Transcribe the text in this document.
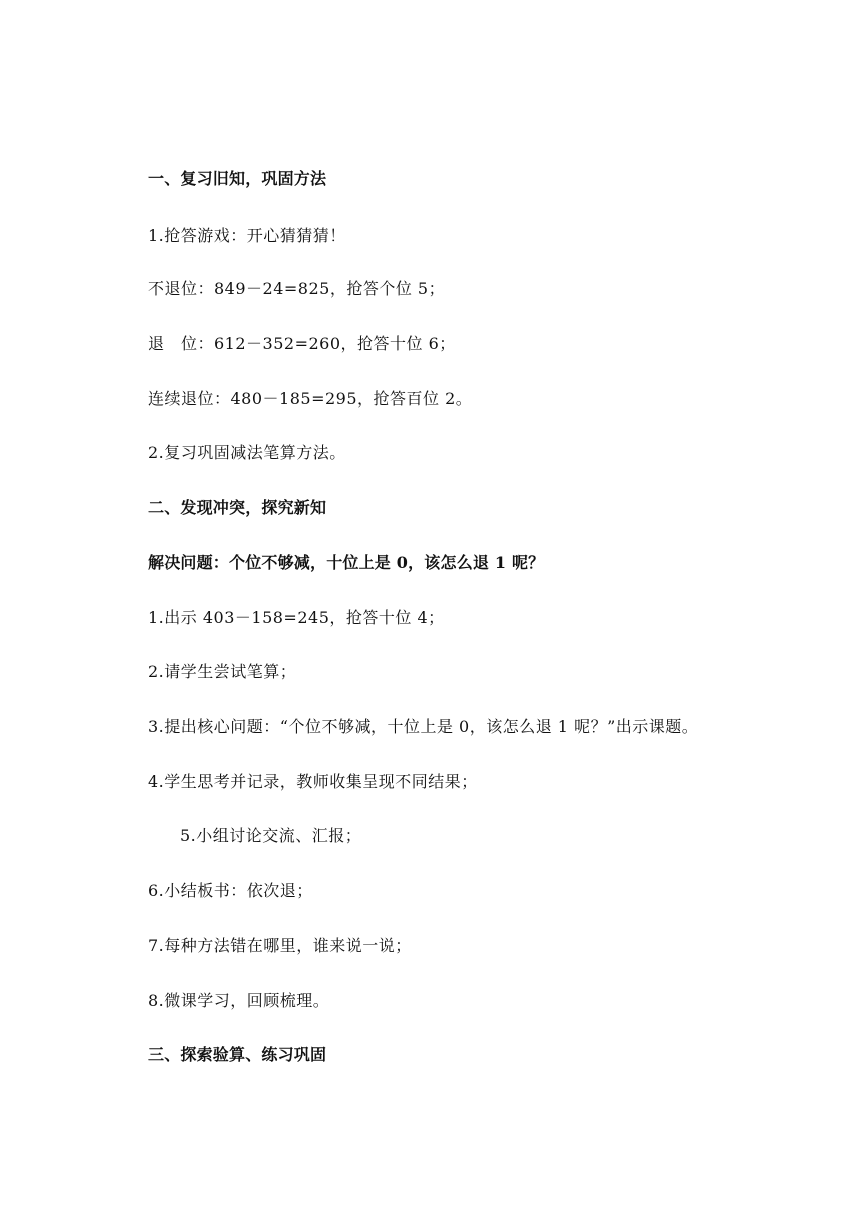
一、复习旧知，巩固方法
1.抢答游戏：开心猜猜猜！
不退位：849－24=825，抢答个位 5；
退　位：612－352=260，抢答十位 6；
连续退位：480－185=295，抢答百位 2。
2.复习巩固减法笔算方法。
二、发现冲突，探究新知
解决问题：个位不够减，十位上是 0，该怎么退 1 呢？
1.出示 403－158=245，抢答十位 4；
2.请学生尝试笔算；
3.提出核心问题：“个位不够减，十位上是 0，该怎么退 1 呢？”出示课题。
4.学生思考并记录，教师收集呈现不同结果；
5.小组讨论交流、汇报；
6.小结板书：依次退；
7.每种方法错在哪里，谁来说一说；
8.微课学习，回顾梳理。
三、探索验算、练习巩固
